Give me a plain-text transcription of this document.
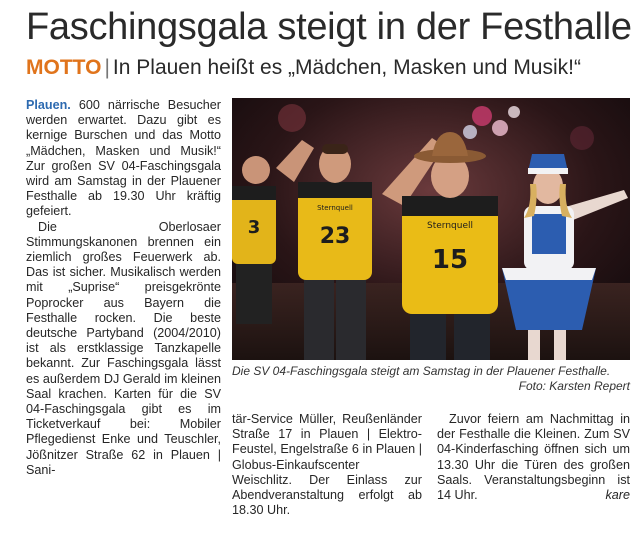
Faschingsgala steigt in der Festhalle
MOTTO | In Plauen heißt es „Mädchen, Masken und Musik!“

Plauen. 600 närrische Besucher werden erwartet. Dazu gibt es kernige Burschen und das Motto „Mädchen, Masken und Musik!“ Zur großen SV 04-Faschingsgala wird am Samstag in der Plauener Festhalle ab 19.30 Uhr kräftig gefeiert.

Die Oberlosaer Stimmungskanonen brennen ein ziemlich großes Feuerwerk ab. Das ist sicher. Musikalisch werden mit „Suprise“ preisgekrönte Poprocker aus Bayern die Festhalle rocken. Die beste deutsche Partyband (2004/2010) ist als erstklassige Tanzkapelle bekannt. Zur Faschingsgala lässt es außerdem DJ Gerald im kleinen Saal krachen. Karten für die SV 04-Faschingsgala gibt es im Ticketverkauf bei: Mobiler Pflegedienst Enke und Teuschler, Jößnitzer Straße 62 in Plauen | Sani-

3
Sternquell
23	Sternquell
15
Die SV 04-Faschingsgala steigt am Samstag in der Plauener Festhalle.
Foto: Karsten Repert

tär-Service Müller, Reußenländer Straße 17 in Plauen | Elektro-Feustel, Engelstraße 6 in Plauen | Globus-Einkaufscenter Weischlitz. Der Einlass zur Abendveranstaltung erfolgt ab 18.30 Uhr.

Zuvor feiern am Nachmittag in der Festhalle die Kleinen. Zum SV 04-Kinderfasching öffnen sich um 13.30 Uhr die Türen des großen Saals. Veranstaltungsbeginn ist 14 Uhr.	kare
